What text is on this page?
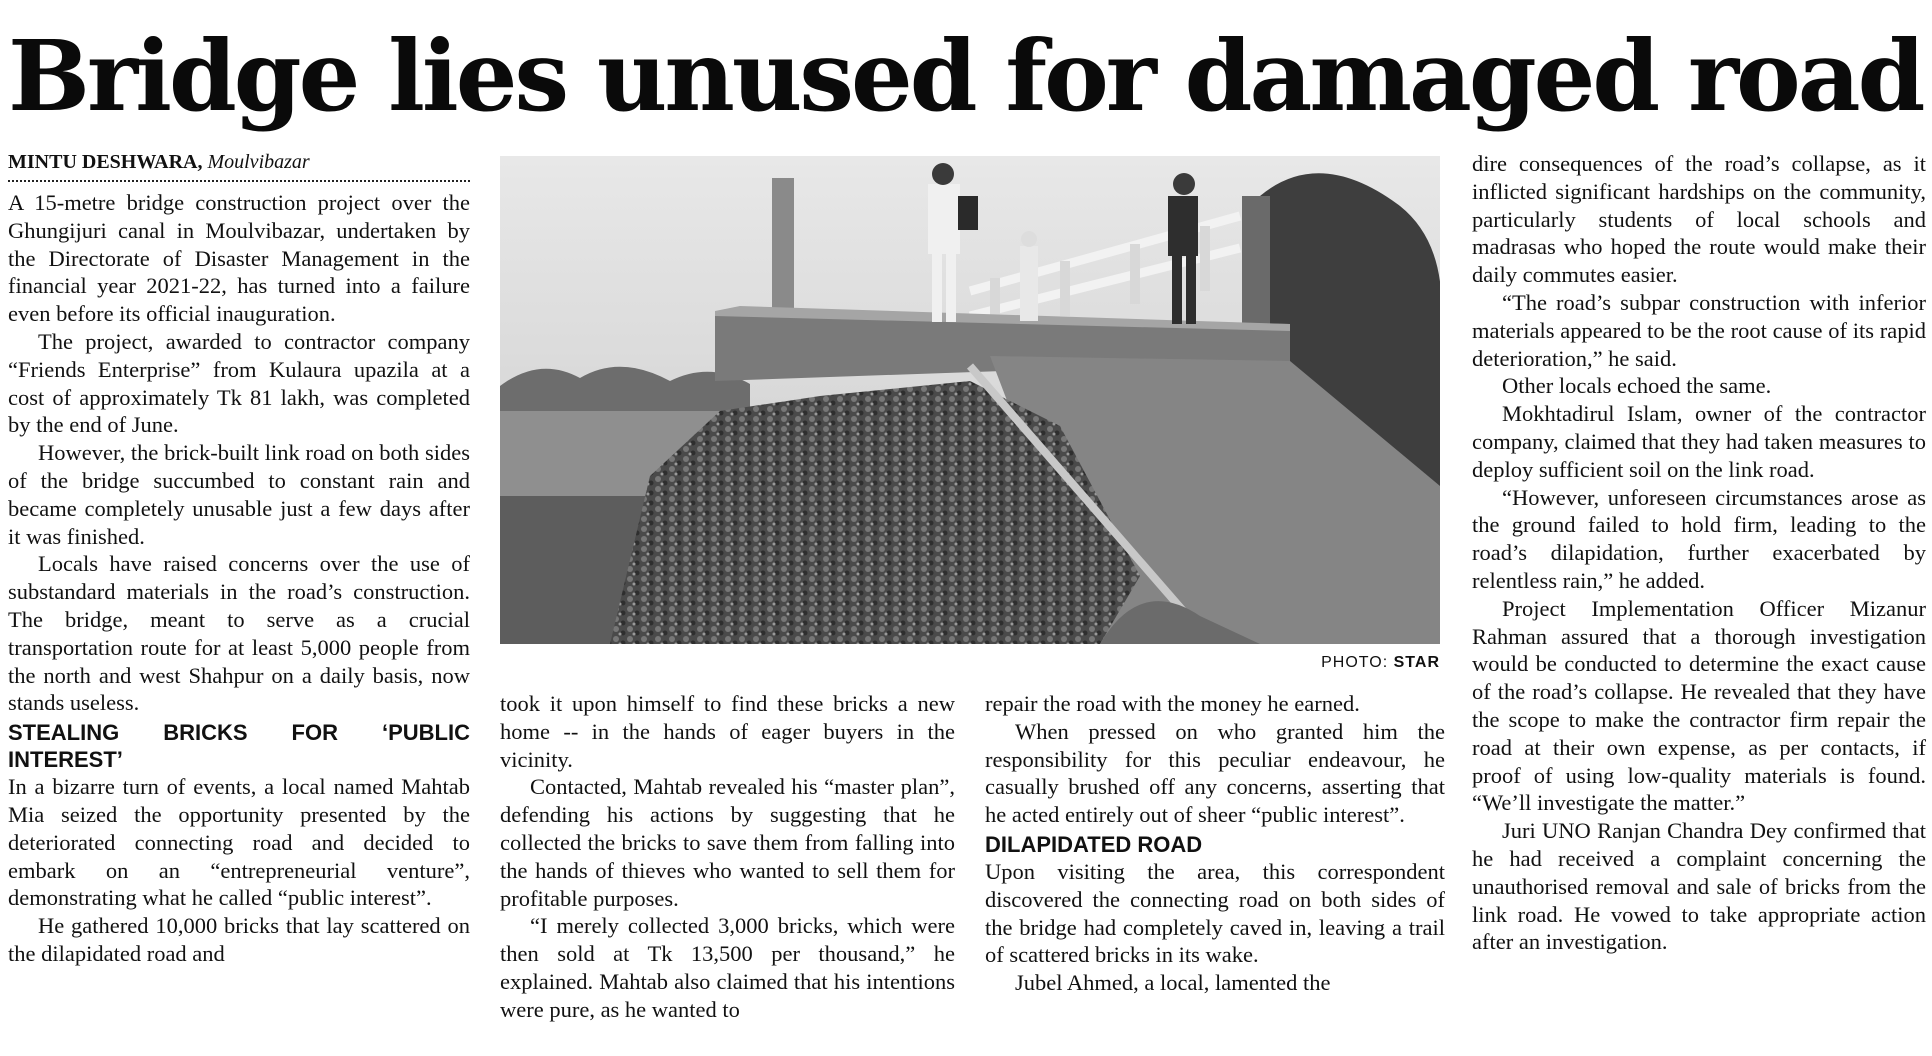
Bridge lies unused for damaged road
MINTU DESHWARA, Moulvibazar

A 15-metre bridge construction project over the Ghungijuri canal in Moulvibazar, undertaken by the Directorate of Disaster Management in the financial year 2021-22, has turned into a failure even before its official inauguration.

The project, awarded to contractor company “Friends Enterprise” from Kulaura upazila at a cost of approximately Tk 81 lakh, was completed by the end of June.

However, the brick-built link road on both sides of the bridge succumbed to constant rain and became completely unusable just a few days after it was finished.

Locals have raised concerns over the use of substandard materials in the road’s construction. The bridge, meant to serve as a crucial transportation route for at least 5,000 people from the north and west Shahpur on a daily basis, now stands useless.

STEALING BRICKS FOR ‘PUBLIC INTEREST’

In a bizarre turn of events, a local named Mahtab Mia seized the opportunity presented by the deteriorated connecting road and decided to embark on an “entrepreneurial venture”, demonstrating what he called “public interest”.

He gathered 10,000 bricks that lay scattered on the dilapidated road and

PHOTO: STAR

took it upon himself to find these bricks a new home -- in the hands of eager buyers in the vicinity.

Contacted, Mahtab revealed his “master plan”, defending his actions by suggesting that he collected the bricks to save them from falling into the hands of thieves who wanted to sell them for profitable purposes.

“I merely collected 3,000 bricks, which were then sold at Tk 13,500 per thousand,” he explained. Mahtab also claimed that his intentions were pure, as he wanted to

repair the road with the money he earned.

When pressed on who granted him the responsibility for this peculiar endeavour, he casually brushed off any concerns, asserting that he acted entirely out of sheer “public interest”.

DILAPIDATED ROAD

Upon visiting the area, this correspondent discovered the connecting road on both sides of the bridge had completely caved in, leaving a trail of scattered bricks in its wake.

Jubel Ahmed, a local, lamented the

dire consequences of the road’s collapse, as it inflicted significant hardships on the community, particularly students of local schools and madrasas who hoped the route would make their daily commutes easier.

“The road’s subpar construction with inferior materials appeared to be the root cause of its rapid deterioration,” he said.

Other locals echoed the same.

Mokhtadirul Islam, owner of the contractor company, claimed that they had taken measures to deploy sufficient soil on the link road.

“However, unforeseen circumstances arose as the ground failed to hold firm, leading to the road’s dilapidation, further exacerbated by relentless rain,” he added.

Project Implementation Officer Mizanur Rahman assured that a thorough investigation would be conducted to determine the exact cause of the road’s collapse. He revealed that they have the scope to make the contractor firm repair the road at their own expense, as per contacts, if proof of using low-quality materials is found. “We’ll investigate the matter.”

Juri UNO Ranjan Chandra Dey confirmed that he had received a complaint concerning the unauthorised removal and sale of bricks from the link road. He vowed to take appropriate action after an investigation.
